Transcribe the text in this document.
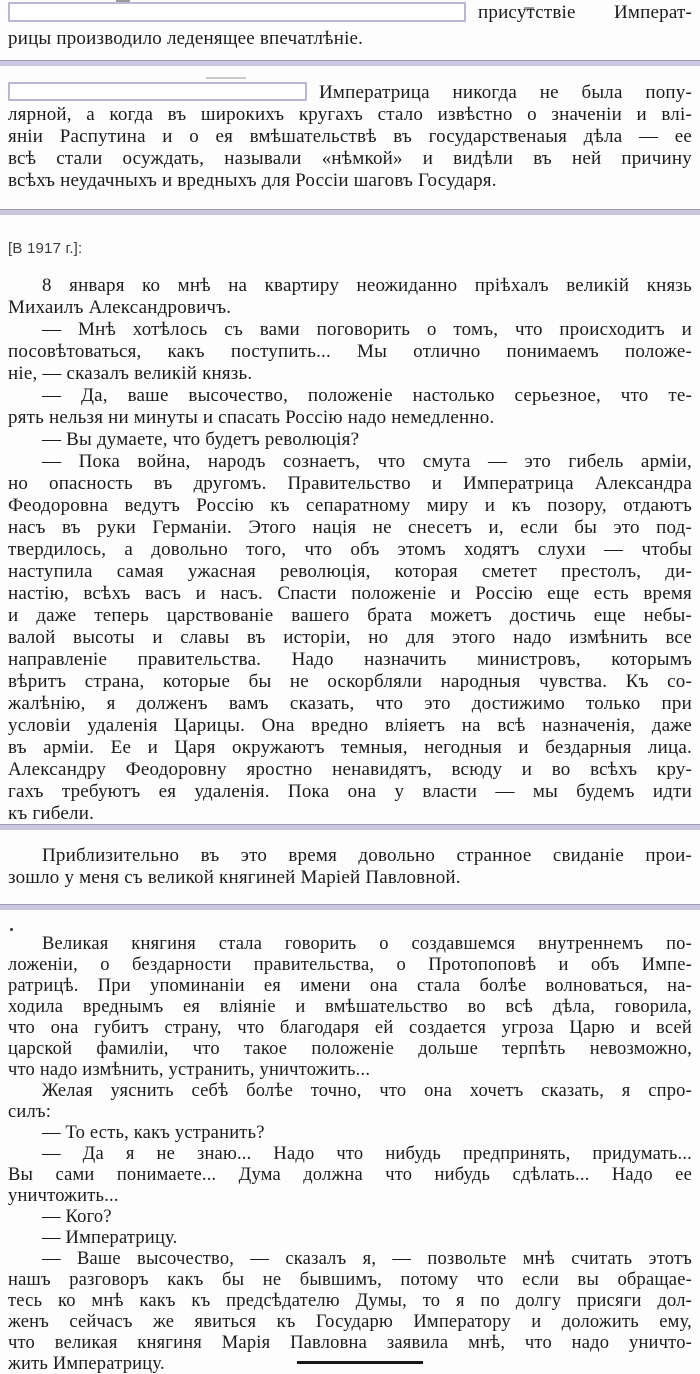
присутствіе Императ-
рицы производило леденящее впечатлѣніе.
Императрица никогда не была попу-
лярной, а когда въ широкихъ кругахъ стало извѣстно о значеніи и влі-
яніи Распутина и о ея вмѣшательствѣ въ государственаыя дѣла — ее
всѣ стали осуждать, называли «нѣмкой» и видѣли въ ней причину
всѣхъ неудачныхъ и вредныхъ для Россіи шаговъ Государя.
[В 1917 г.]:
8 января ко мнѣ на квартиру неожиданно пріѣхалъ великій князь
Михаилъ Александровичъ.
— Мнѣ хотѣлось съ вами поговорить о томъ, что происходитъ и
посовѣтоваться, какъ поступить... Мы отлично понимаемъ положе-
ніе, — сказалъ великій князь.
— Да, ваше высочество, положеніе настолько серьезное, что те-
рять нельзя ни минуты и спасать Россію надо немедленно.
— Вы думаете, что будетъ революція?
— Пока война, народъ сознаетъ, что смута — это гибель арміи,
но опасность въ другомъ. Правительство и Императрица Александра
Феодоровна ведутъ Россію къ сепаратному миру и къ позору, отдаютъ
насъ въ руки Германіи. Этого нація не снесетъ и, если бы это под-
твердилось, а довольно того, что объ этомъ ходятъ слухи — чтобы
наступила самая ужасная революція, которая сметет престолъ, ди-
настію, всѣхъ васъ и насъ. Спасти положеніе и Россію еще есть время
и даже теперь царствованіе вашего брата можетъ достичь еще небы-
валой высоты и славы въ исторіи, но для этого надо измѣнить все
направленіе правительства. Надо назначить министровъ, которымъ
вѣритъ страна, которые бы не оскорбляли народныя чувства. Къ со-
жалѣнію, я долженъ вамъ сказать, что это достижимо только при
условіи удаленія Царицы. Она вредно вліяетъ на всѣ назначенія, даже
въ арміи. Ее и Царя окружаютъ темныя, негодныя и бездарныя лица.
Александру Феодоровну яростно ненавидятъ, всюду и во всѣхъ кру-
гахъ требуютъ ея удаленія. Пока она у власти — мы будемъ идти
къ гибели.
Приблизительно въ это время довольно странное свиданіе прои-
зошло у меня съ великой княгиней Маріей Павловной.
Великая княгиня стала говорить о создавшемся внутреннемъ по-
ложеніи, о бездарности правительства, о Протопоповѣ и объ Импе-
ратрицѣ. При упоминаніи ея имени она стала болѣе волноваться, на-
ходила вреднымъ ея вліяніе и вмѣшательство во всѣ дѣла, говорила,
что она губитъ страну, что благодаря ей создается угроза Царю и всей
царской фамиліи, что такое положеніе дольше терпѣть невозможно,
что надо измѣнить, устранить, уничтожить...
Желая уяснить себѣ болѣе точно, что она хочетъ сказать, я спро-
силъ:
— То есть, какъ устранить?
— Да я не знаю... Надо что нибудь предпринять, придумать...
Вы сами понимаете... Дума должна что нибудь сдѣлать... Надо ее
уничтожить...
— Кого?
— Императрицу.
— Ваше высочество, — сказалъ я, — позвольте мнѣ считать этотъ
нашъ разговоръ какъ бы не бывшимъ, потому что если вы обращае-
тесь ко мнѣ какъ къ предсѣдателю Думы, то я по долгу присяги дол-
женъ сейчасъ же явиться къ Государю Императору и доложить ему,
что великая княгиня Марія Павловна заявила мнѣ, что надо уничто-
жить Императрицу.
